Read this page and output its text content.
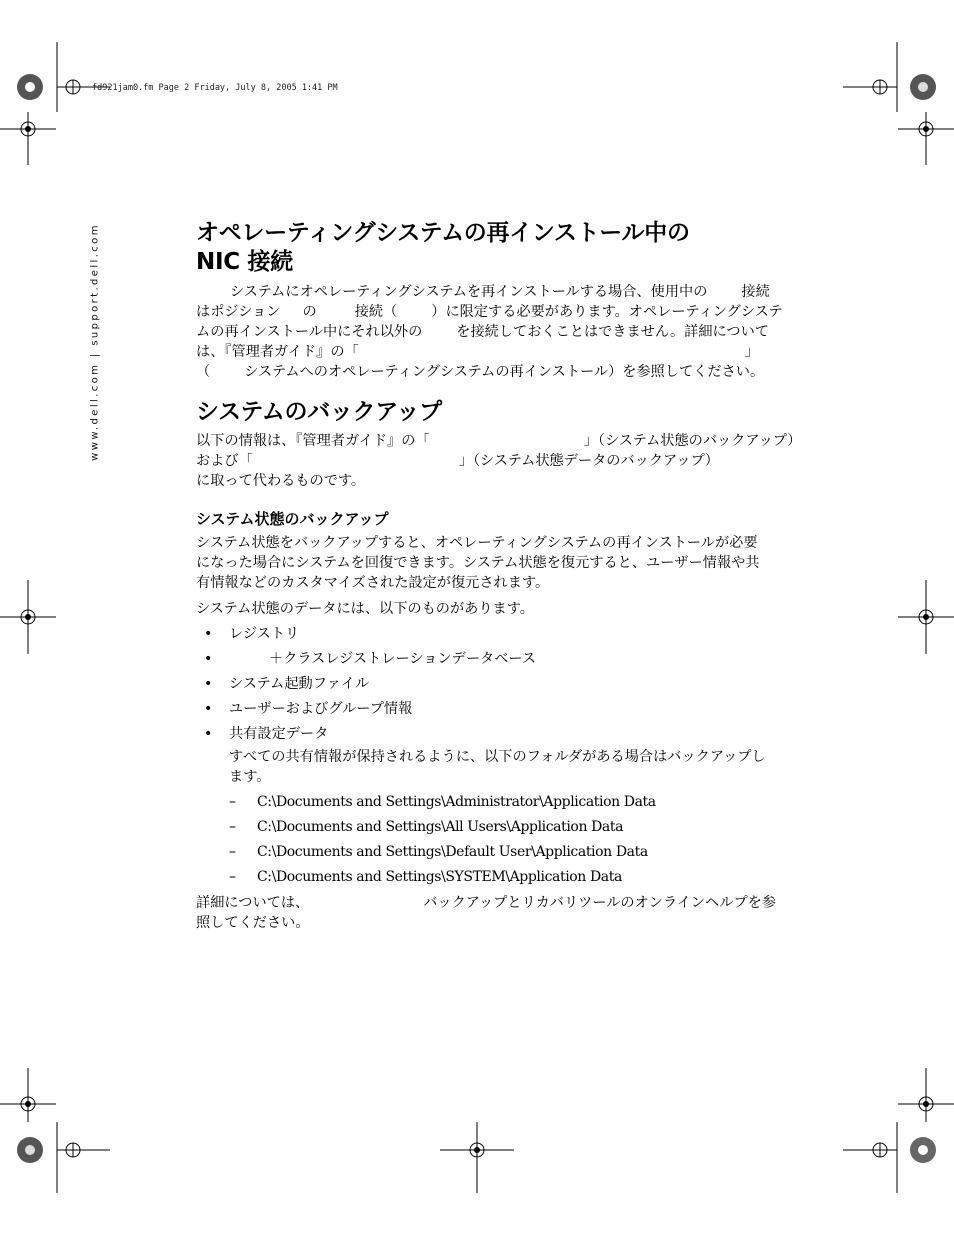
fd921jam0.fm Page 2 Friday, July 8, 2005 1:41 PM
www.dell.com | support.dell.com	オペレーティングシステムの再インストール中の
NIC 接続

システムにオペレーティングシステムを再インストールする場合、使用中の 接続
はポジション の	接続（ ）に限定する必要があります。オペレーティングシステ
ムの再インストール中にそれ以外の を接続しておくことはできません。詳細について
は、『管理者ガイド』の「	」
（ システムへのオペレーティングシステムの再インストール）を参照してください。

システムのバックアップ

以下の情報は、『管理者ガイド』の「	」（システム状態のバックアップ）
および「	」（システム状態データのバックアップ）
に取って代わるものです。

システム状態のバックアップ

システム状態をバックアップすると、オペレーティングシステムの再インストールが必要
になった場合にシステムを回復できます。システム状態を復元すると、ユーザー情報や共
有情報などのカスタマイズされた設定が復元されます。

システム状態のデータには、以下のものがあります。

• レジストリ
•	＋クラスレジストレーションデータベース
• システム起動ファイル
• ユーザーおよびグループ情報
• 共有設定データ

すべての共有情報が保持されるように、以下のフォルダがある場合はバックアップし
ます。

– C:\Documents and Settings\Administrator\Application Data
– C:\Documents and Settings\All Users\Application Data
– C:\Documents and Settings\Default User\Application Data
– C:\Documents and Settings\SYSTEM\Application Data

詳細については、	バックアップとリカバリツールのオンラインヘルプを参
照してください。
